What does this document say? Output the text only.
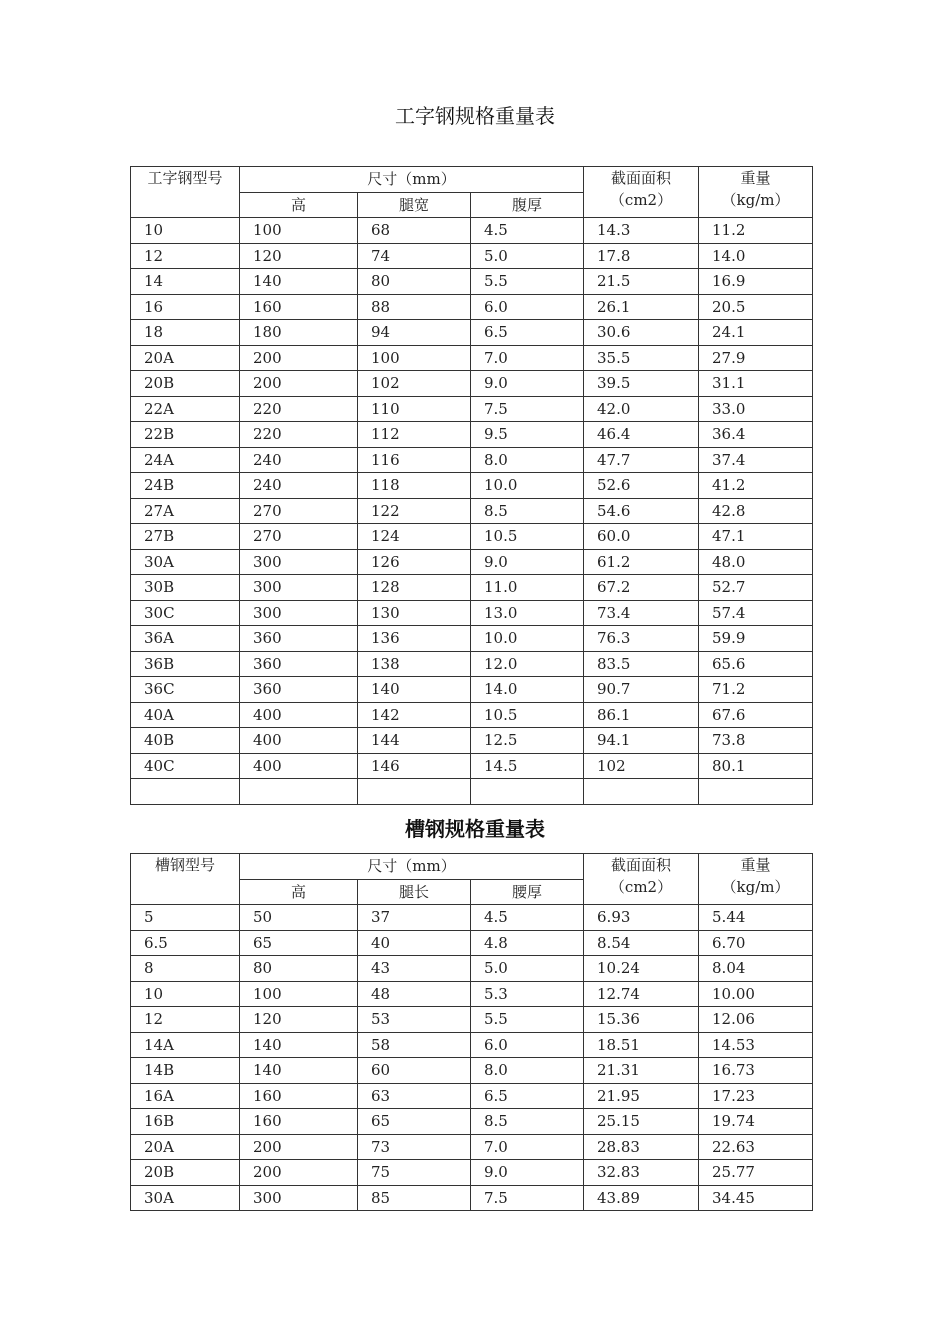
工字钢规格重量表
工字钢型号	尺寸（mm）			截面面积（cm2）	重量（kg/m）
	高	腿宽	腹厚		
10	100	68	4.5	14.3	11.2
12	120	74	5.0	17.8	14.0
14	140	80	5.5	21.5	16.9
16	160	88	6.0	26.1	20.5
18	180	94	6.5	30.6	24.1
20A	200	100	7.0	35.5	27.9
20B	200	102	9.0	39.5	31.1
22A	220	110	7.5	42.0	33.0
22B	220	112	9.5	46.4	36.4
24A	240	116	8.0	47.7	37.4
24B	240	118	10.0	52.6	41.2
27A	270	122	8.5	54.6	42.8
27B	270	124	10.5	60.0	47.1
30A	300	126	9.0	61.2	48.0
30B	300	128	11.0	67.2	52.7
30C	300	130	13.0	73.4	57.4
36A	360	136	10.0	76.3	59.9
36B	360	138	12.0	83.5	65.6
36C	360	140	14.0	90.7	71.2
40A	400	142	10.5	86.1	67.6
40B	400	144	12.5	94.1	73.8
40C	400	146	14.5	102	80.1

槽钢规格重量表
槽钢型号	尺寸（mm）			截面面积（cm2）	重量（kg/m）
	高	腿长	腰厚		
5	50	37	4.5	6.93	5.44
6.5	65	40	4.8	8.54	6.70
8	80	43	5.0	10.24	8.04
10	100	48	5.3	12.74	10.00
12	120	53	5.5	15.36	12.06
14A	140	58	6.0	18.51	14.53
14B	140	60	8.0	21.31	16.73
16A	160	63	6.5	21.95	17.23
16B	160	65	8.5	25.15	19.74
20A	200	73	7.0	28.83	22.63
20B	200	75	9.0	32.83	25.77
30A	300	85	7.5	43.89	34.45
